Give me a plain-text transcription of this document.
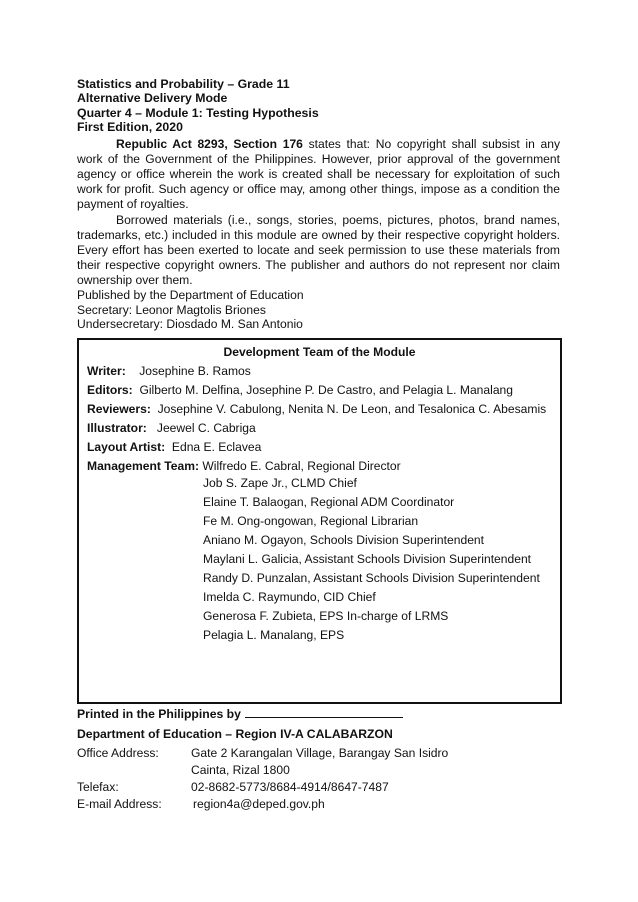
Statistics and Probability – Grade 11
Alternative Delivery Mode
Quarter 4 – Module 1: Testing Hypothesis
First Edition, 2020
Republic Act 8293, Section 176 states that: No copyright shall subsist in any work of the Government of the Philippines. However, prior approval of the government agency or office wherein the work is created shall be necessary for exploitation of such work for profit. Such agency or office may, among other things, impose as a condition the payment of royalties.
Borrowed materials (i.e., songs, stories, poems, pictures, photos, brand names, trademarks, etc.) included in this module are owned by their respective copyright holders. Every effort has been exerted to locate and seek permission to use these materials from their respective copyright owners. The publisher and authors do not represent nor claim ownership over them.
Published by the Department of Education
Secretary: Leonor Magtolis Briones
Undersecretary: Diosdado M. San Antonio
Development Team of the Module
Writer: Josephine B. Ramos
Editors: Gilberto M. Delfina, Josephine P. De Castro, and Pelagia L. Manalang
Reviewers: Josephine V. Cabulong, Nenita N. De Leon, and Tesalonica C. Abesamis
Illustrator: Jeewel C. Cabriga
Layout Artist: Edna E. Eclavea
Management Team: Wilfredo E. Cabral, Regional Director
Job S. Zape Jr., CLMD Chief
Elaine T. Balaogan, Regional ADM Coordinator
Fe M. Ong-ongowan, Regional Librarian
Aniano M. Ogayon, Schools Division Superintendent
Maylani L. Galicia, Assistant Schools Division Superintendent
Randy D. Punzalan, Assistant Schools Division Superintendent
Imelda C. Raymundo, CID Chief
Generosa F. Zubieta, EPS In-charge of LRMS
Pelagia L. Manalang, EPS
Printed in the Philippines by
Department of Education – Region IV-A CALABARZON
Office Address:	Gate 2 Karangalan Village, Barangay San Isidro
Cainta, Rizal 1800
Telefax:	02-8682-5773/8684-4914/8647-7487
E-mail Address:	region4a@deped.gov.ph
